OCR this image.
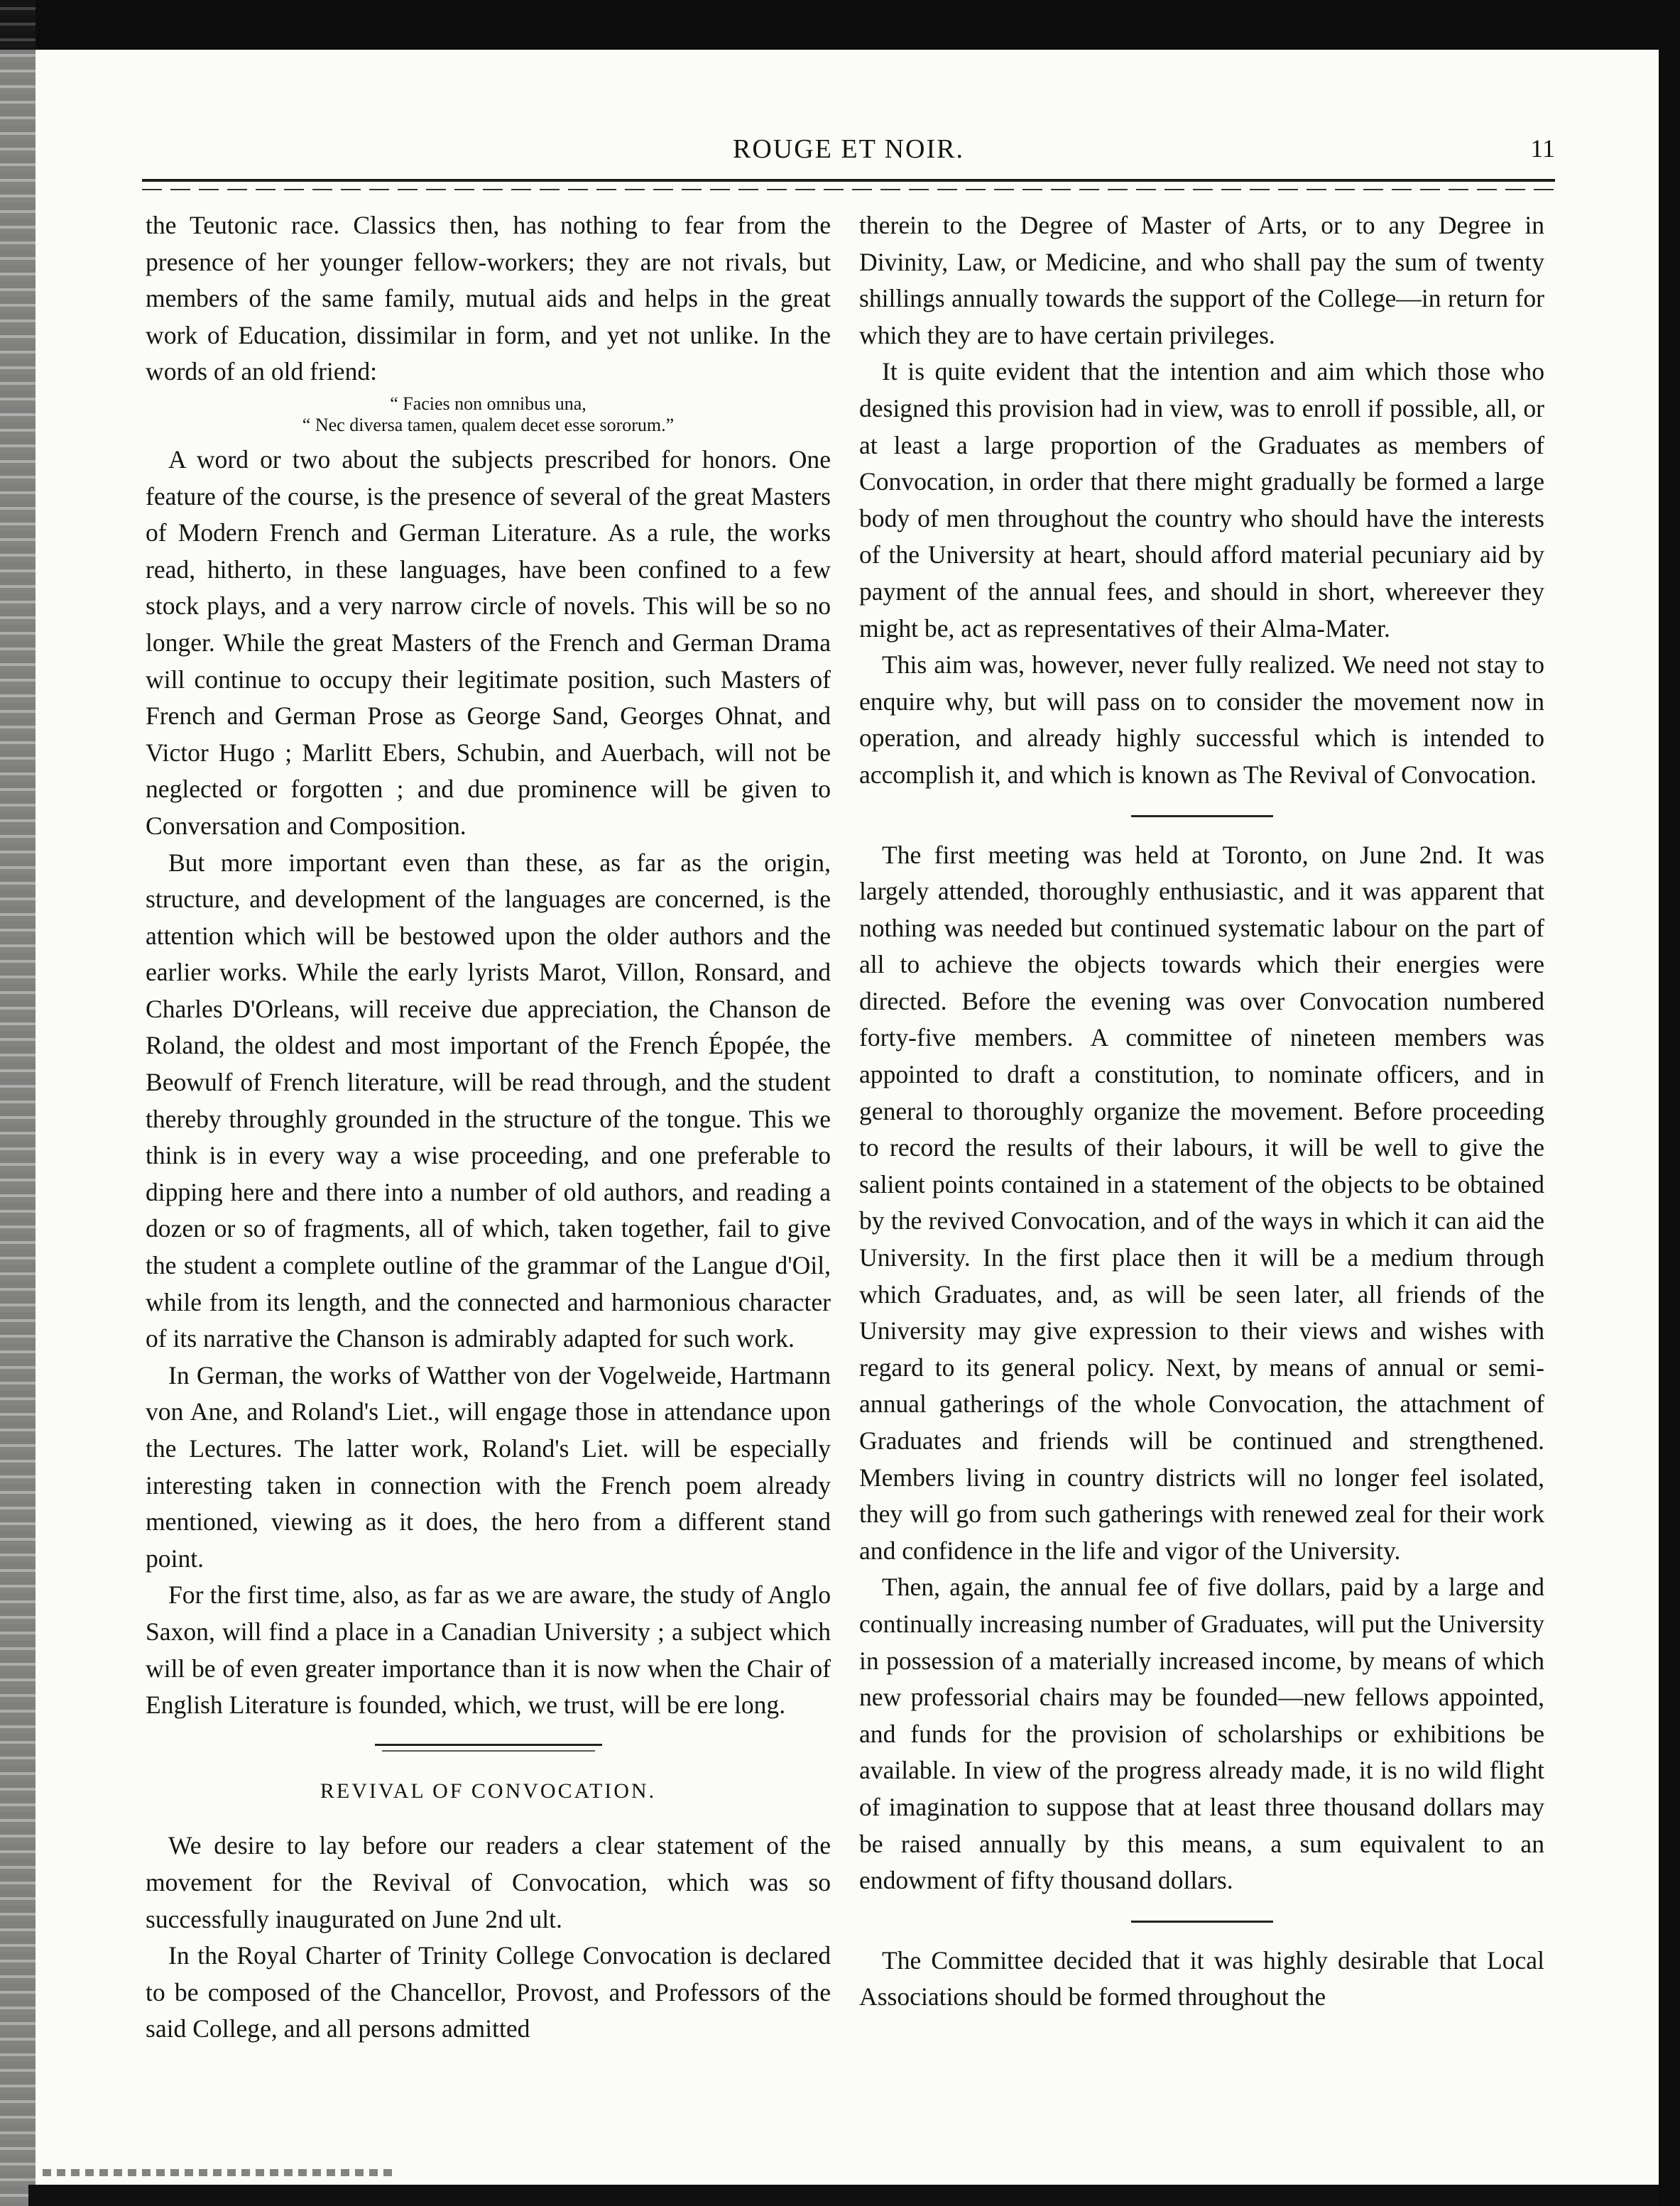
ROUGE ET NOIR.	11

the Teutonic race. Classics then, has nothing to fear from the presence of her younger fellow-workers; they are not rivals, but members of the same family, mutual aids and helps in the great work of Education, dissimilar in form, and yet not unlike. In the words of an old friend:

“ Facies non omnibus una,
“ Nec diversa tamen, qualem decet esse sororum.”

A word or two about the subjects prescribed for honors. One feature of the course, is the presence of several of the great Masters of Modern French and German Literature. As a rule, the works read, hitherto, in these languages, have been confined to a few stock plays, and a very narrow circle of novels. This will be so no longer. While the great Masters of the French and German Drama will continue to occupy their legitimate position, such Masters of French and German Prose as George Sand, Georges Ohnat, and Victor Hugo ; Marlitt Ebers, Schubin, and Auerbach, will not be neglected or forgotten ; and due prominence will be given to Conversation and Composition.

But more important even than these, as far as the origin, structure, and development of the languages are concerned, is the attention which will be bestowed upon the older authors and the earlier works. While the early lyrists Marot, Villon, Ronsard, and Charles D'Orleans, will receive due appreciation, the Chanson de Roland, the oldest and most important of the French Épopée, the Beowulf of French literature, will be read through, and the student thereby throughly grounded in the structure of the tongue. This we think is in every way a wise proceeding, and one preferable to dipping here and there into a number of old authors, and reading a dozen or so of fragments, all of which, taken together, fail to give the student a complete outline of the grammar of the Langue d'Oil, while from its length, and the connected and harmonious character of its narrative the Chanson is admirably adapted for such work.

In German, the works of Watther von der Vogelweide, Hartmann von Ane, and Roland's Liet., will engage those in attendance upon the Lectures. The latter work, Roland's Liet. will be especially interesting taken in connection with the French poem already mentioned, viewing as it does, the hero from a different stand point.

For the first time, also, as far as we are aware, the study of Anglo Saxon, will find a place in a Canadian University ; a subject which will be of even greater importance than it is now when the Chair of English Literature is founded, which, we trust, will be ere long.

REVIVAL OF CONVOCATION.

We desire to lay before our readers a clear statement of the movement for the Revival of Convocation, which was so successfully inaugurated on June 2nd ult.

In the Royal Charter of Trinity College Convocation is declared to be composed of the Chancellor, Provost, and Professors of the said College, and all persons admitted

therein to the Degree of Master of Arts, or to any Degree in Divinity, Law, or Medicine, and who shall pay the sum of twenty shillings annually towards the support of the College—in return for which they are to have certain privileges.

It is quite evident that the intention and aim which those who designed this provision had in view, was to enroll if possible, all, or at least a large proportion of the Graduates as members of Convocation, in order that there might gradually be formed a large body of men throughout the country who should have the interests of the University at heart, should afford material pecuniary aid by payment of the annual fees, and should in short, whereever they might be, act as representatives of their Alma-Mater.

This aim was, however, never fully realized. We need not stay to enquire why, but will pass on to consider the movement now in operation, and already highly successful which is intended to accomplish it, and which is known as The Revival of Convocation.

The first meeting was held at Toronto, on June 2nd. It was largely attended, thoroughly enthusiastic, and it was apparent that nothing was needed but continued systematic labour on the part of all to achieve the objects towards which their energies were directed. Before the evening was over Convocation numbered forty-five members. A committee of nineteen members was appointed to draft a constitution, to nominate officers, and in general to thoroughly organize the movement. Before proceeding to record the results of their labours, it will be well to give the salient points contained in a statement of the objects to be obtained by the revived Convocation, and of the ways in which it can aid the University. In the first place then it will be a medium through which Graduates, and, as will be seen later, all friends of the University may give expression to their views and wishes with regard to its general policy. Next, by means of annual or semi-annual gatherings of the whole Convocation, the attachment of Graduates and friends will be continued and strengthened. Members living in country districts will no longer feel isolated, they will go from such gatherings with renewed zeal for their work and confidence in the life and vigor of the University.

Then, again, the annual fee of five dollars, paid by a large and continually increasing number of Graduates, will put the University in possession of a materially increased income, by means of which new professorial chairs may be founded—new fellows appointed, and funds for the provision of scholarships or exhibitions be available. In view of the progress already made, it is no wild flight of imagination to suppose that at least three thousand dollars may be raised annually by this means, a sum equivalent to an endowment of fifty thousand dollars.

The Committee decided that it was highly desirable that Local Associations should be formed throughout the
